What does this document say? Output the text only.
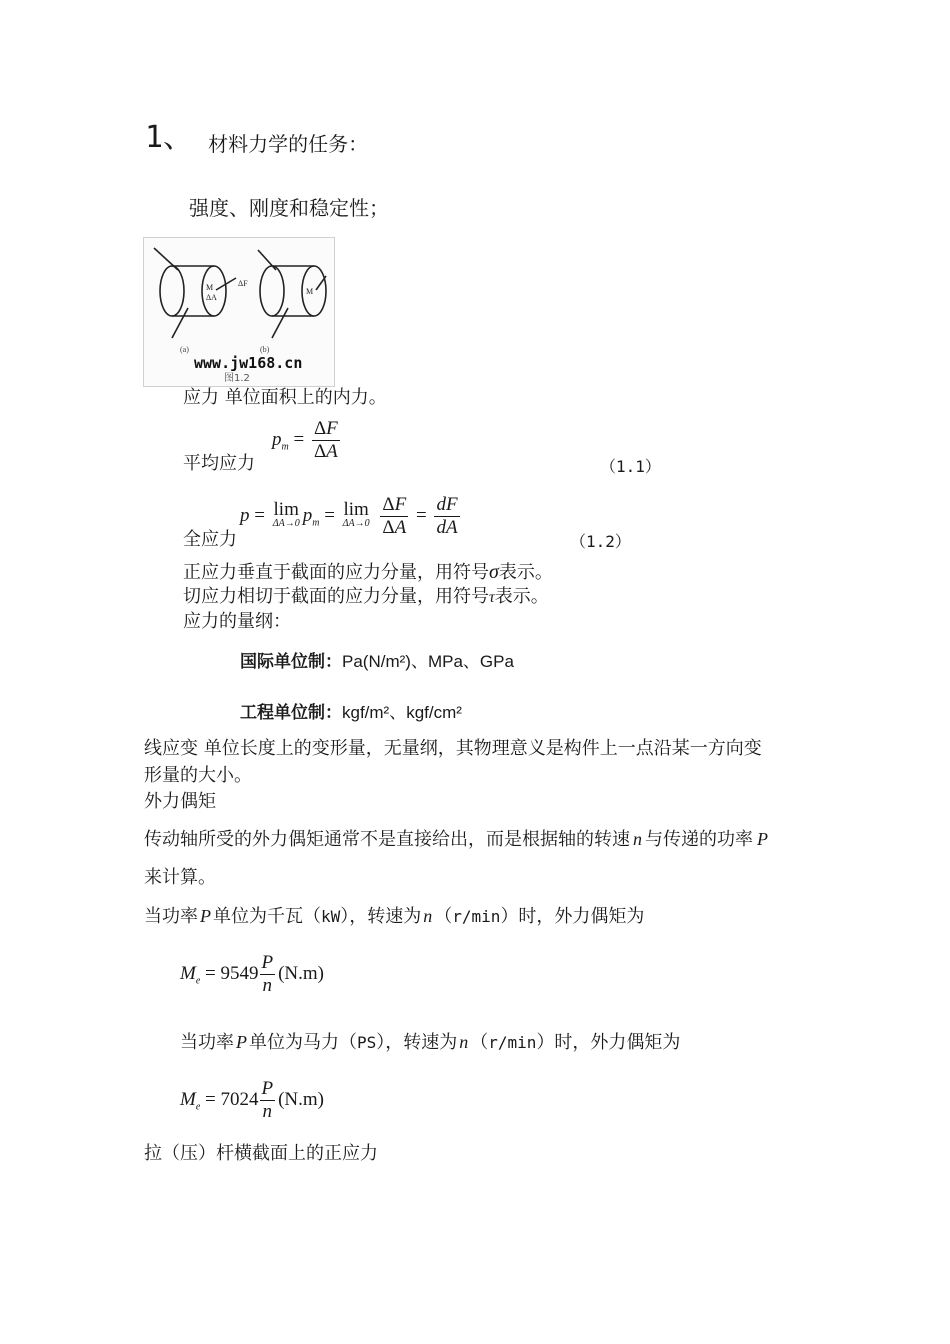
1、 材料力学的任务：
强度、刚度和稳定性；
M
ΔA
ΔF
M
(a)	(b)
www.jw168.cn
图1.2
应力 单位面积上的内力。
平均应力
$p_m = \frac{\Delta F}{\Delta A}$
（1.1）
全应力
p = lim
ΔA→0 $p_m = \lim$
ΔA→0
$\frac{\Delta F}{\Delta A} = \frac{dF}{dA}$
（1.2）
正应力垂直于截面的应力分量，用符号σ表示。
切应力相切于截面的应力分量，用符号τ表示。
应力的量纲：
国际单位制：Pa(N/m²)、MPa、GPa
工程单位制：kgf/m²、kgf/cm²
线应变 单位长度上的变形量，无量纲，其物理意义是构件上一点沿某一方向变
形量的大小。
外力偶矩
传动轴所受的外力偶矩通常不是直接给出，而是根据轴的转速 n 与传递的功率 P
来计算。
当功率 P 单位为千瓦（kW），转速为 n （r/min）时，外力偶矩为
$M_e = 9549 \frac{P}{n} (N.m)$
当功率 P 单位为马力（PS），转速为 n （r/min）时，外力偶矩为
$M_e = 7024 \frac{P}{n} (N.m)$
拉（压）杆横截面上的正应力
